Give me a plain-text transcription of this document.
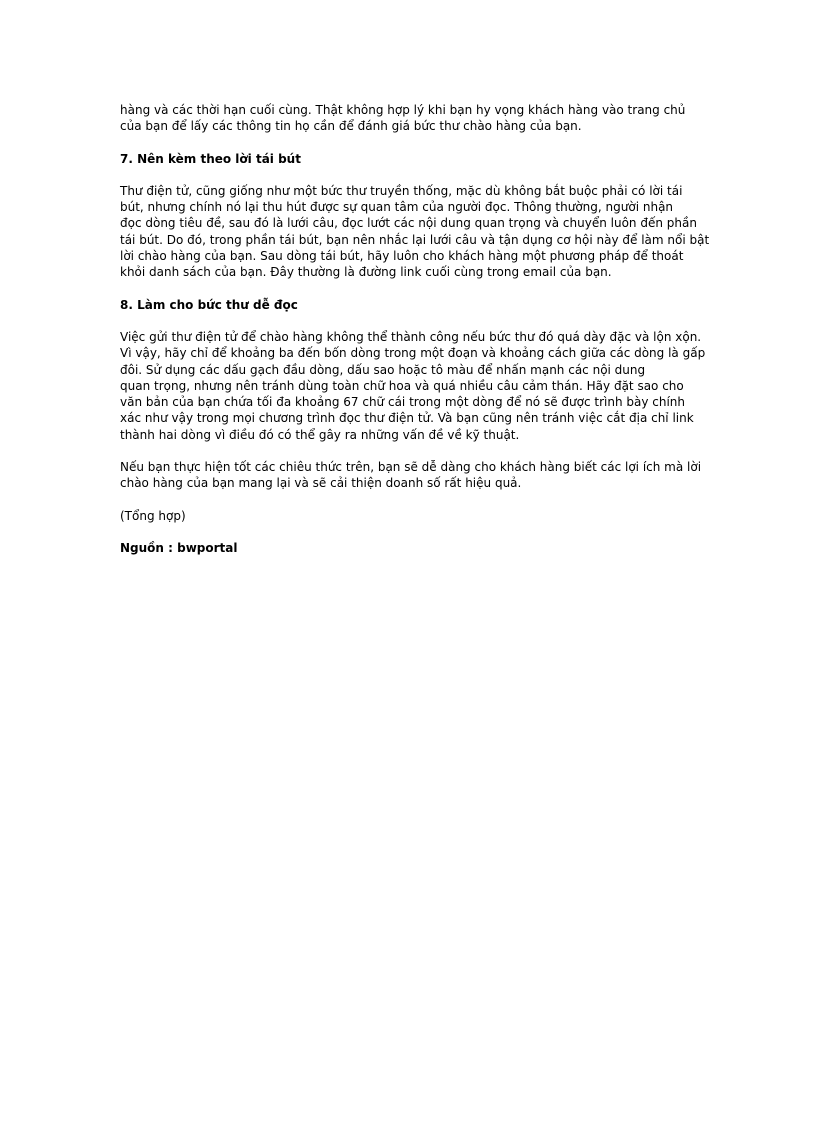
hàng và các thời hạn cuối cùng. Thật không hợp lý khi bạn hy vọng khách hàng vào trang chủ
của bạn để lấy các thông tin họ cần để đánh giá bức thư chào hàng của bạn.
7. Nên kèm theo lời tái bút
Thư điện tử, cũng giống như một bức thư truyền thống, mặc dù không bắt buộc phải có lời tái
bút, nhưng chính nó lại thu hút được sự quan tâm của người đọc. Thông thường, người nhận
đọc dòng tiêu đề, sau đó là lưới câu, đọc lướt các nội dung quan trọng và chuyển luôn đến phần
tái bút. Do đó, trong phần tái bút, bạn nên nhắc lại lưới câu và tận dụng cơ hội này để làm nổi bật
lời chào hàng của bạn. Sau dòng tái bút, hãy luôn cho khách hàng một phương pháp để thoát
khỏi danh sách của bạn. Đây thường là đường link cuối cùng trong email của bạn.
8. Làm cho bức thư dễ đọc
Việc gửi thư điện tử để chào hàng không thể thành công nếu bức thư đó quá dày đặc và lộn xộn.
Vì vậy, hãy chỉ để khoảng ba đến bốn dòng trong một đoạn và khoảng cách giữa các dòng là gấp
đôi. Sử dụng các dấu gạch đầu dòng, dấu sao hoặc tô màu để nhấn mạnh các nội dung
quan trọng, nhưng nên tránh dùng toàn chữ hoa và quá nhiều câu cảm thán. Hãy đặt sao cho
văn bản của bạn chứa tối đa khoảng 67 chữ cái trong một dòng để nó sẽ được trình bày chính
xác như vậy trong mọi chương trình đọc thư điện tử. Và bạn cũng nên tránh việc cắt địa chỉ link
thành hai dòng vì điều đó có thể gây ra những vấn đề về kỹ thuật.
Nếu bạn thực hiện tốt các chiêu thức trên, bạn sẽ dễ dàng cho khách hàng biết các lợi ích mà lời
chào hàng của bạn mang lại và sẽ cải thiện doanh số rất hiệu quả.
(Tổng hợp)
Nguồn : bwportal
